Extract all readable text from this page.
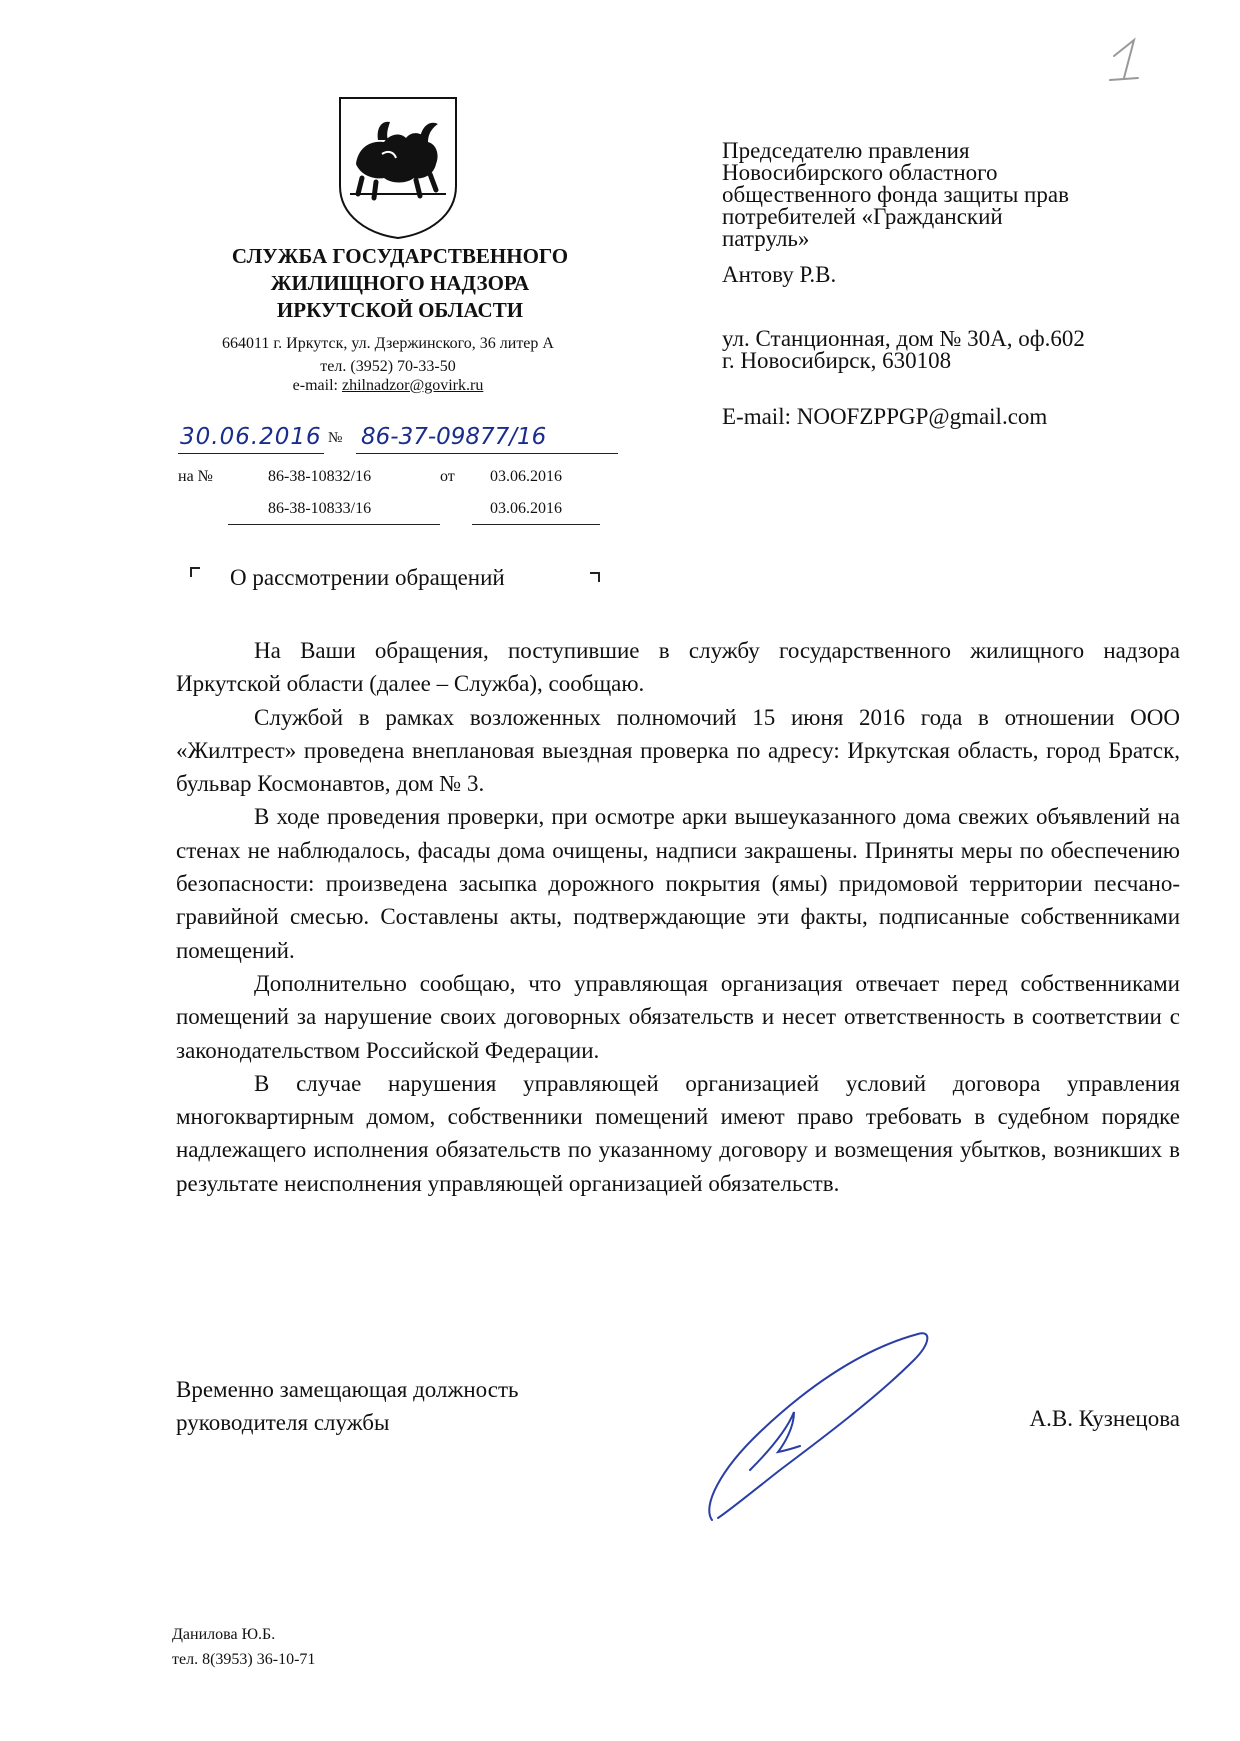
СЛУЖБА ГОСУДАРСТВЕННОГО
ЖИЛИЩНОГО НАДЗОРА
ИРКУТСКОЙ ОБЛАСТИ
664011 г. Иркутск, ул. Дзержинского, 36 литер А
тел. (3952) 70-33-50
e-mail: zhilnadzor@govirk.ru
30.06.2016 № 86-37-09877/16
на №	86-38-10832/16	от 03.06.2016
86-38-10833/16	03.06.2016
Председателю правления
Новосибирского областного
общественного фонда защиты прав
потребителей «Гражданский
патруль»
Антову Р.В.
ул. Станционная, дом № 30А, оф.602
г. Новосибирск, 630108
E-mail: NOOFZPPGP@gmail.com
О рассмотрении обращений

На Ваши обращения, поступившие в службу государственного жилищного надзора Иркутской области (далее – Служба), сообщаю.

Службой в рамках возложенных полномочий 15 июня 2016 года в отношении ООО «Жилтрест» проведена внеплановая выездная проверка по адресу: Иркутская область, город Братск, бульвар Космонавтов, дом № 3.

В ходе проведения проверки, при осмотре арки вышеуказанного дома свежих объявлений на стенах не наблюдалось, фасады дома очищены, надписи закрашены. Приняты меры по обеспечению безопасности: произведена засыпка дорожного покрытия (ямы) придомовой территории песчано-гравийной смесью. Составлены акты, подтверждающие эти факты, подписанные собственниками помещений.

Дополнительно сообщаю, что управляющая организация отвечает перед собственниками помещений за нарушение своих договорных обязательств и несет ответственность в соответствии с законодательством Российской Федерации.

В случае нарушения управляющей организацией условий договора управления многоквартирным домом, собственники помещений имеют право требовать в судебном порядке надлежащего исполнения обязательств по указанному договору и возмещения убытков, возникших в результате неисполнения управляющей организацией обязательств.

Временно замещающая должность
руководителя службы	А.В. Кузнецова
Данилова Ю.Б.
тел. 8(3953) 36-10-71
